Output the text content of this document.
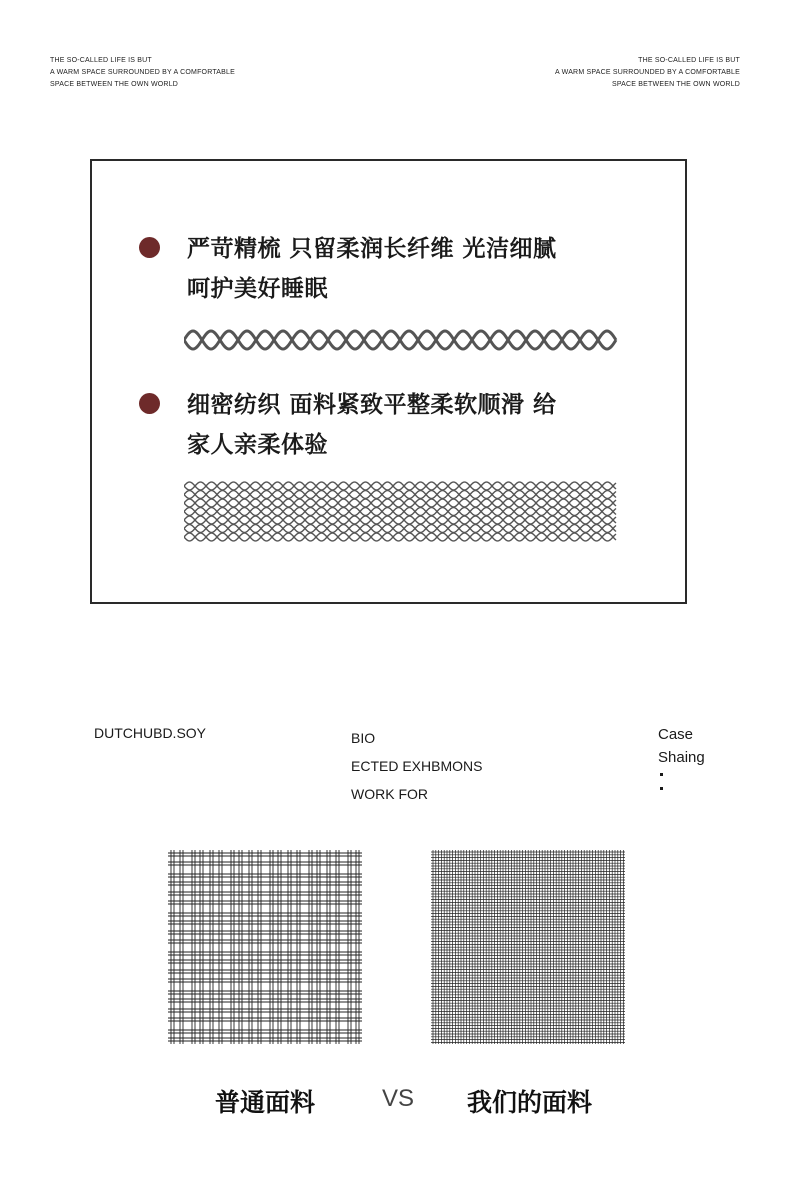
THE SO-CALLED LIFE IS BUT
A WARM SPACE SURROUNDED BY A COMFORTABLE
SPACE BETWEEN THE OWN WORLD
THE SO-CALLED LIFE IS BUT
A WARM SPACE SURROUNDED BY A COMFORTABLE
SPACE BETWEEN THE OWN WORLD
严苛精梳 只留柔润长纤维 光洁细腻
呵护美好睡眠
细密纺织 面料紧致平整柔软顺滑 给
家人亲柔体验
DUTCHUBD.SOY	BIO
ECTED EXHBMONS
WORK FOR
Case
Shaing
普通面料	VS 我们的面料
